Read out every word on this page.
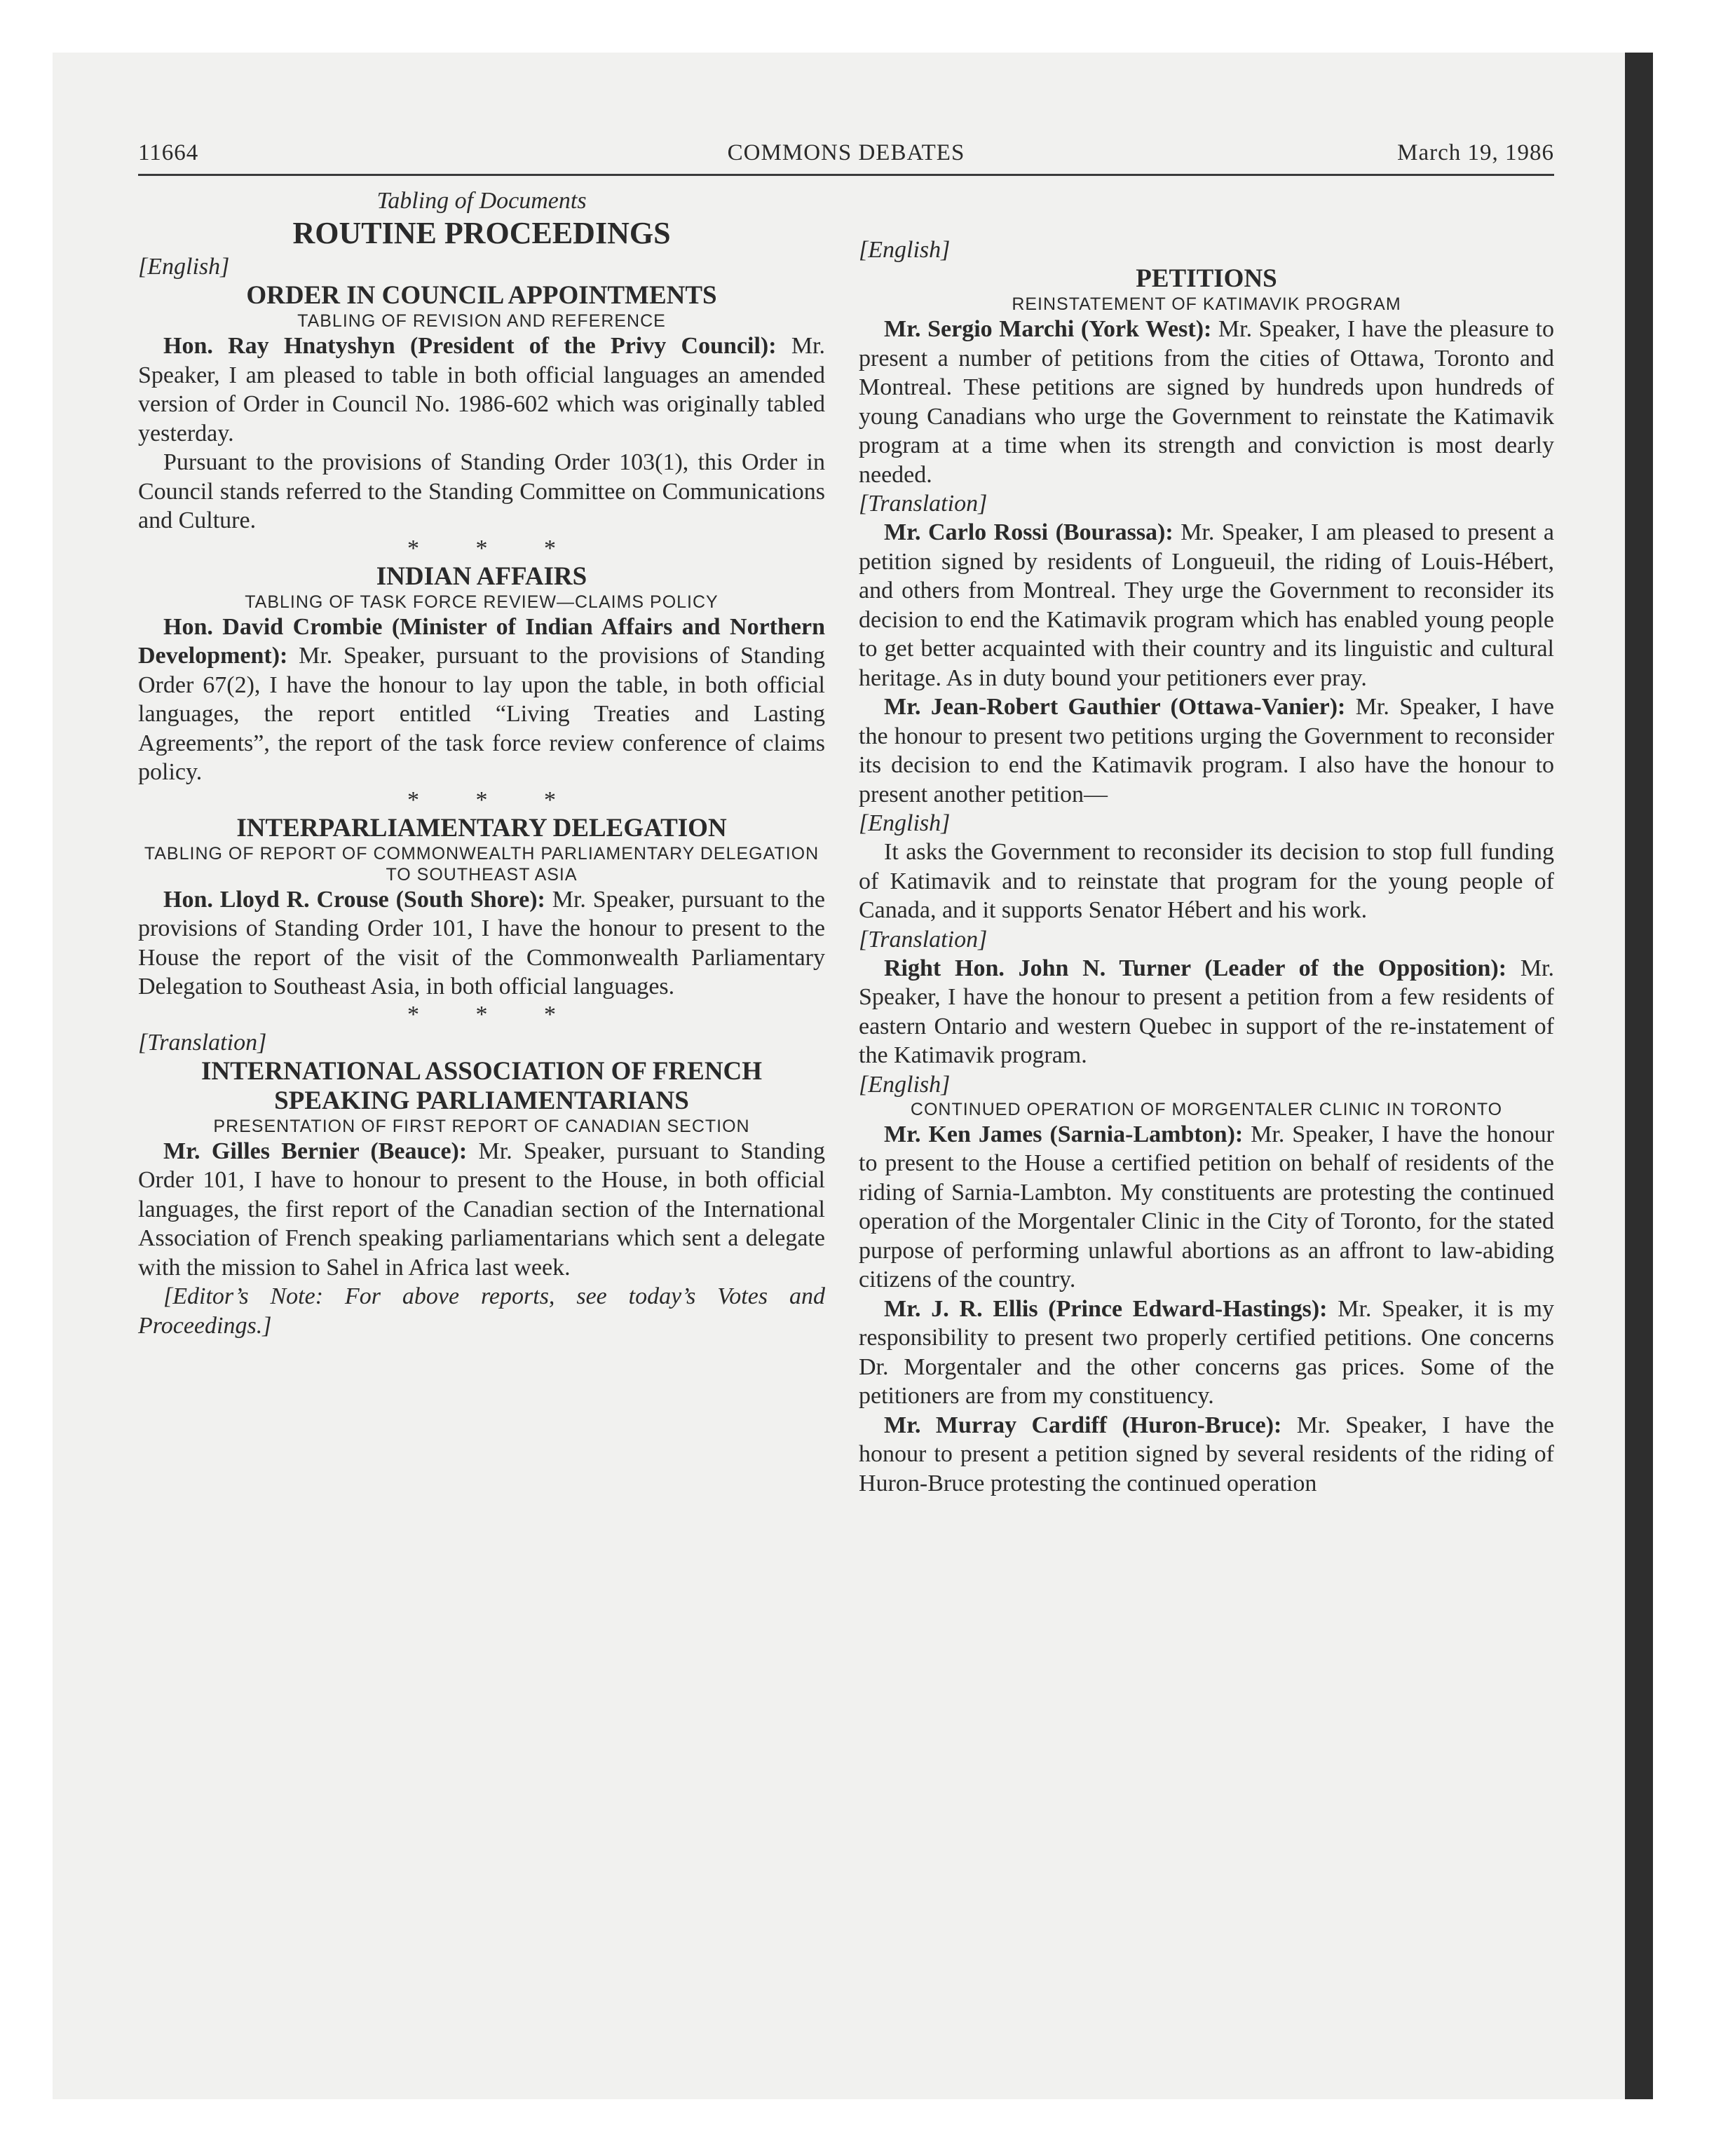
11664	COMMONS DEBATES	March 19, 1986

Tabling of Documents

ROUTINE PROCEEDINGS

[English]

ORDER IN COUNCIL APPOINTMENTS

TABLING OF REVISION AND REFERENCE

Hon. Ray Hnatyshyn (President of the Privy Council): Mr. Speaker, I am pleased to table in both official languages an amended version of Order in Council No. 1986-602 which was originally tabled yesterday.

Pursuant to the provisions of Standing Order 103(1), this Order in Council stands referred to the Standing Committee on Communications and Culture.

* * *

INDIAN AFFAIRS

TABLING OF TASK FORCE REVIEW—CLAIMS POLICY

Hon. David Crombie (Minister of Indian Affairs and Northern Development): Mr. Speaker, pursuant to the provisions of Standing Order 67(2), I have the honour to lay upon the table, in both official languages, the report entitled “Living Treaties and Lasting Agreements”, the report of the task force review conference of claims policy.

* * *

INTERPARLIAMENTARY DELEGATION

TABLING OF REPORT OF COMMONWEALTH PARLIAMENTARY DELEGATION TO SOUTHEAST ASIA

Hon. Lloyd R. Crouse (South Shore): Mr. Speaker, pursuant to the provisions of Standing Order 101, I have the honour to present to the House the report of the visit of the Commonwealth Parliamentary Delegation to Southeast Asia, in both official languages.

* * *

[Translation]

INTERNATIONAL ASSOCIATION OF FRENCH SPEAKING PARLIAMENTARIANS

PRESENTATION OF FIRST REPORT OF CANADIAN SECTION

Mr. Gilles Bernier (Beauce): Mr. Speaker, pursuant to Standing Order 101, I have to honour to present to the House, in both official languages, the first report of the Canadian section of the International Association of French speaking parliamentarians which sent a delegate with the mission to Sahel in Africa last week.

[Editor’s Note: For above reports, see today’s Votes and Proceedings.]

[English]

PETITIONS

REINSTATEMENT OF KATIMAVIK PROGRAM

Mr. Sergio Marchi (York West): Mr. Speaker, I have the pleasure to present a number of petitions from the cities of Ottawa, Toronto and Montreal. These petitions are signed by hundreds upon hundreds of young Canadians who urge the Government to reinstate the Katimavik program at a time when its strength and conviction is most dearly needed.

[Translation]

Mr. Carlo Rossi (Bourassa): Mr. Speaker, I am pleased to present a petition signed by residents of Longueuil, the riding of Louis-Hébert, and others from Montreal. They urge the Government to reconsider its decision to end the Katimavik program which has enabled young people to get better acquainted with their country and its linguistic and cultural heritage. As in duty bound your petitioners ever pray.

Mr. Jean-Robert Gauthier (Ottawa-Vanier): Mr. Speaker, I have the honour to present two petitions urging the Government to reconsider its decision to end the Katimavik program. I also have the honour to present another petition—

[English]

It asks the Government to reconsider its decision to stop full funding of Katimavik and to reinstate that program for the young people of Canada, and it supports Senator Hébert and his work.

[Translation]

Right Hon. John N. Turner (Leader of the Opposition): Mr. Speaker, I have the honour to present a petition from a few residents of eastern Ontario and western Quebec in support of the re-instatement of the Katimavik program.

[English]

CONTINUED OPERATION OF MORGENTALER CLINIC IN TORONTO

Mr. Ken James (Sarnia-Lambton): Mr. Speaker, I have the honour to present to the House a certified petition on behalf of residents of the riding of Sarnia-Lambton. My constituents are protesting the continued operation of the Morgentaler Clinic in the City of Toronto, for the stated purpose of performing unlawful abortions as an affront to law-abiding citizens of the country.

Mr. J. R. Ellis (Prince Edward-Hastings): Mr. Speaker, it is my responsibility to present two properly certified petitions. One concerns Dr. Morgentaler and the other concerns gas prices. Some of the petitioners are from my constituency.

Mr. Murray Cardiff (Huron-Bruce): Mr. Speaker, I have the honour to present a petition signed by several residents of the riding of Huron-Bruce protesting the continued operation
